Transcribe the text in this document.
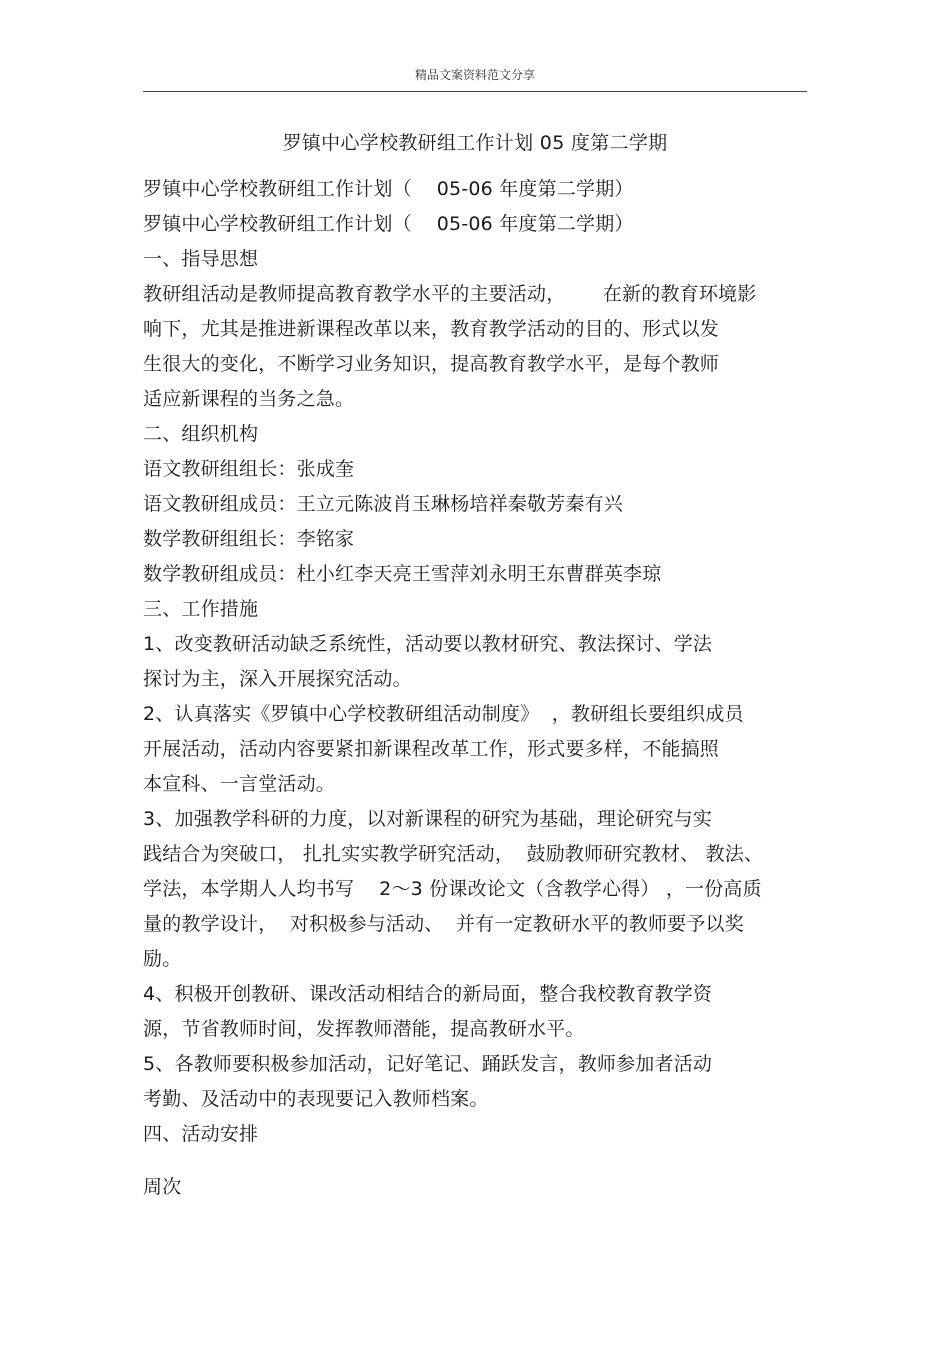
精品文案资料范文分享
罗镇中心学校教研组工作计划 05 度第二学期
罗镇中心学校教研组工作计划（    05-06 年度第二学期）
罗镇中心学校教研组工作计划（    05-06 年度第二学期）
一、指导思想
教研组活动是教师提高教育教学水平的主要活动，      在新的教育环境影
响下，尤其是推进新课程改革以来，教育教学活动的目的、形式以发
生很大的变化，不断学习业务知识，提高教育教学水平，是每个教师
适应新课程的当务之急。
二、组织机构
语文教研组组长：张成奎
语文教研组成员：王立元陈波肖玉琳杨培祥秦敬芳秦有兴
数学教研组组长：李铭家
数学教研组成员：杜小红李天亮王雪萍刘永明王东曹群英李琼
三、工作措施
1、改变教研活动缺乏系统性，活动要以教材研究、教法探讨、学法
探讨为主，深入开展探究活动。
2、认真落实《罗镇中心学校教研组活动制度》  ，教研组长要组织成员
开展活动，活动内容要紧扣新课程改革工作，形式要多样，不能搞照
本宣科、一言堂活动。
3、加强教学科研的力度，以对新课程的研究为基础，理论研究与实
践结合为突破口， 扎扎实实教学研究活动，  鼓励教师研究教材、 教法、
学法，本学期人人均书写    2～3 份课改论文（含教学心得） ，一份高质
量的教学设计，  对积极参与活动、  并有一定教研水平的教师要予以奖
励。
4、积极开创教研、课改活动相结合的新局面，整合我校教育教学资
源，节省教师时间，发挥教师潜能，提高教研水平。
5、各教师要积极参加活动，记好笔记、踊跃发言，教师参加者活动
考勤、及活动中的表现要记入教师档案。
四、活动安排
周次
